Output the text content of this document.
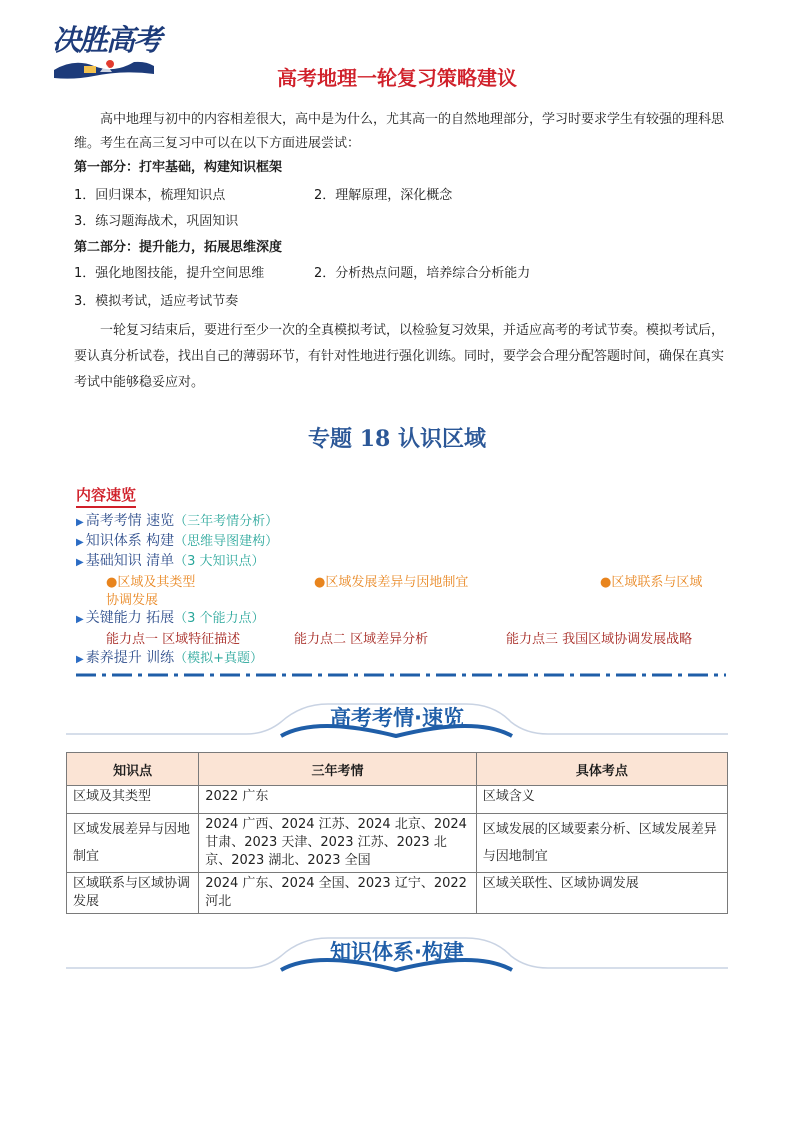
决胜高考
高考地理一轮复习策略建议

高中地理与初中的内容相差很大，高中是为什么，尤其高一的自然地理部分，学习时要求学生有较强的理科思维。考生在高三复习中可以在以下方面进展尝试：

第一部分：打牢基础，构建知识框架
1．回归课本，梳理知识点	2．理解原理，深化概念
3．练习题海战术，巩固知识
第二部分：提升能力，拓展思维深度
1．强化地图技能，提升空间思维	2．分析热点问题，培养综合分析能力
3．模拟考试，适应考试节奏

一轮复习结束后，要进行至少一次的全真模拟考试，以检验复习效果，并适应高考的考试节奏。模拟考试后，要认真分析试卷，找出自己的薄弱环节，有针对性地进行强化训练。同时，要学会合理分配答题时间，确保在真实考试中能够稳妥应对。

专题 18 认识区域
内容速览
▶ 高考考情 速览（三年考情分析）
▶ 知识体系 构建（思维导图建构）
▶ 基础知识 清单（3 大知识点）
●区域及其类型	●区域发展差异与因地制宜	●区域联系与区域
协调发展
▶ 关键能力 拓展（3 个能力点）
能力点一 区域特征描述	能力点二 区域差异分析	能力点三 我国区域协调发展战略
▶ 素养提升 训练（模拟+真题）
高考考情·速览
知识点	三年考情	具体考点
区域及其类型	2022 广东	区域含义
区域发展差异与因地制宜	2024 广西、2024 江苏、2024 北京、2024 甘肃、2023 天津、2023 江苏、2023 北京、2023 湖北、2023 全国	区域发展的区域要素分析、区域发展差异与因地制宜
区域联系与区域协调发展	2024 广东、2024 全国、2023 辽宁、2022 河北	区域关联性、区域协调发展
知识体系·构建
